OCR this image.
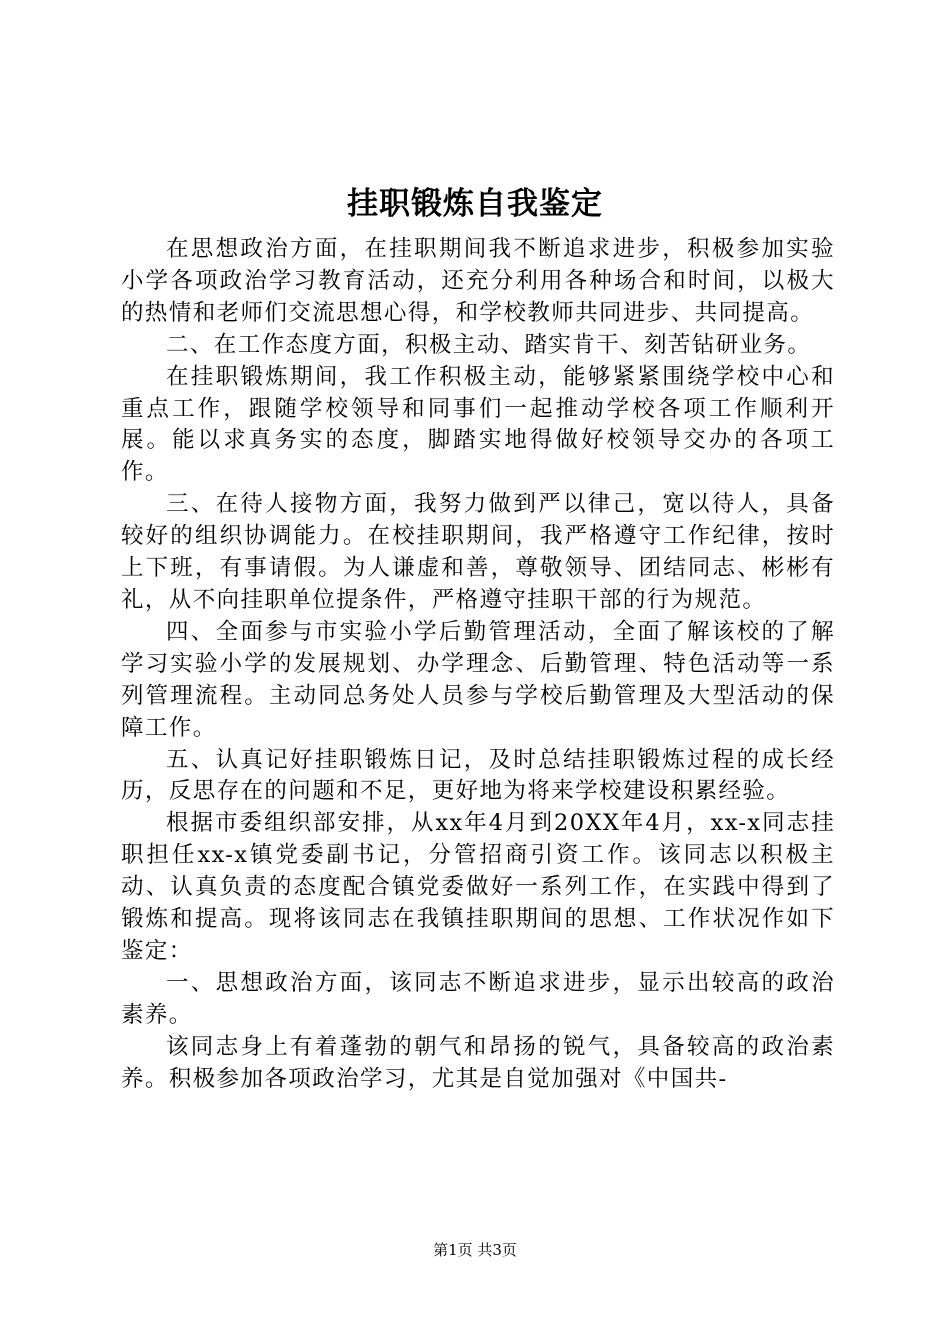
挂职锻炼自我鉴定

在思想政治方面，在挂职期间我不断追求进步，积极参加实验小学各项政治学习教育活动，还充分利用各种场合和时间，以极大的热情和老师们交流思想心得，和学校教师共同进步、共同提高。

二、在工作态度方面，积极主动、踏实肯干、刻苦钻研业务。

在挂职锻炼期间，我工作积极主动，能够紧紧围绕学校中心和重点工作，跟随学校领导和同事们一起推动学校各项工作顺利开展。能以求真务实的态度，脚踏实地得做好校领导交办的各项工作。

三、在待人接物方面，我努力做到严以律己，宽以待人，具备较好的组织协调能力。在校挂职期间，我严格遵守工作纪律，按时上下班，有事请假。为人谦虚和善，尊敬领导、团结同志、彬彬有礼，从不向挂职单位提条件，严格遵守挂职干部的行为规范。

四、全面参与市实验小学后勤管理活动，全面了解该校的了解学习实验小学的发展规划、办学理念、后勤管理、特色活动等一系列管理流程。主动同总务处人员参与学校后勤管理及大型活动的保障工作。

五、认真记好挂职锻炼日记，及时总结挂职锻炼过程的成长经历，反思存在的问题和不足，更好地为将来学校建设积累经验。

根据市委组织部安排，从xx年4月到20XX年4月，xx-x同志挂职担任xx-x镇党委副书记，分管招商引资工作。该同志以积极主动、认真负责的态度配合镇党委做好一系列工作，在实践中得到了锻炼和提高。现将该同志在我镇挂职期间的思想、工作状况作如下鉴定：

一、思想政治方面，该同志不断追求进步，显示出较高的政治素养。

该同志身上有着蓬勃的朝气和昂扬的锐气，具备较高的政治素养。积极参加各项政治学习，尤其是自觉加强对《中国共-

第1页 共3页
